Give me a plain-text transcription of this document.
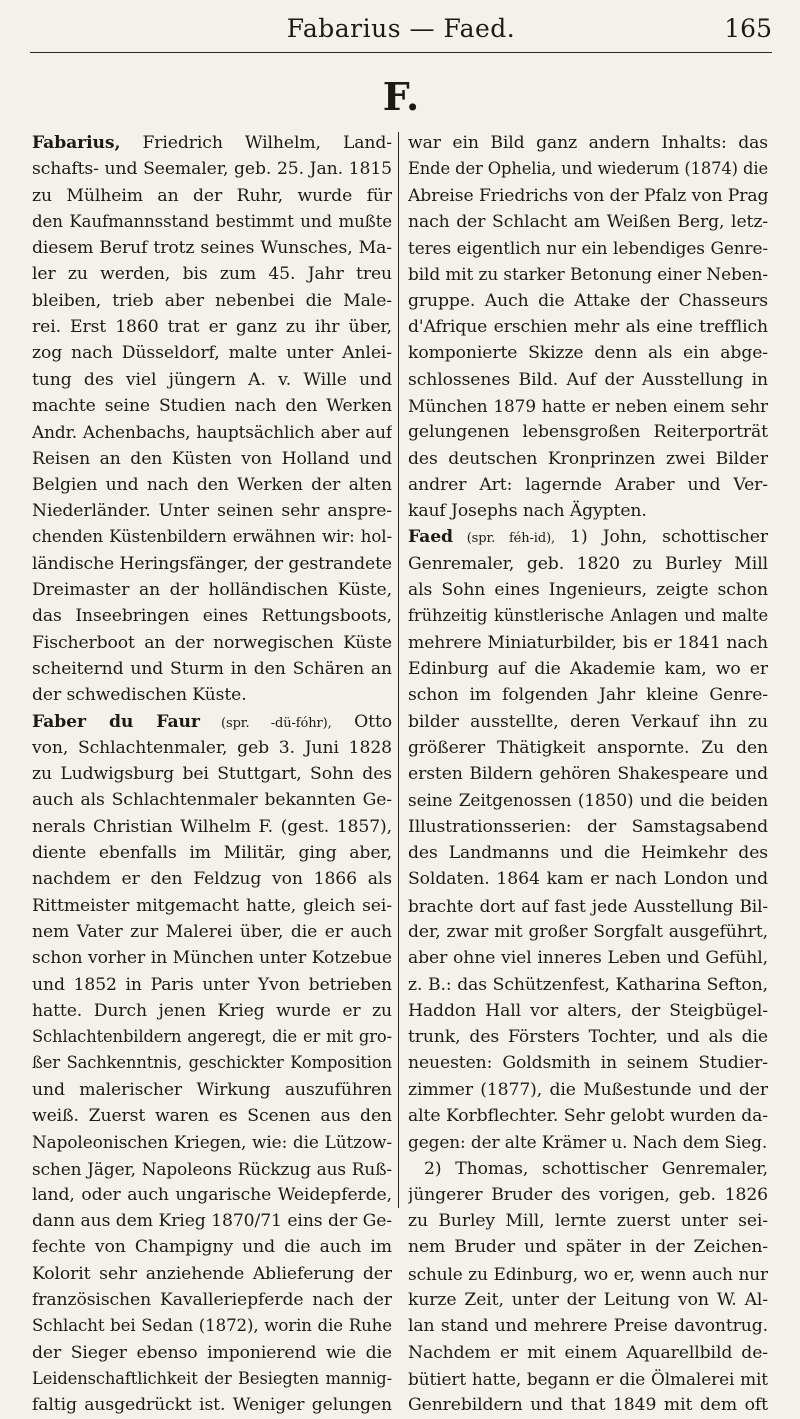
Fabarius — Faed.	165
F.
Fabarius, Friedrich Wilhelm, Land-
schafts- und Seemaler, geb. 25. Jan. 1815
zu Mülheim an der Ruhr, wurde für
den Kaufmannsstand bestimmt und mußte
diesem Beruf trotz seines Wunsches, Ma-
ler zu werden, bis zum 45. Jahr treu
bleiben, trieb aber nebenbei die Male-
rei. Erst 1860 trat er ganz zu ihr über,
zog nach Düsseldorf, malte unter Anlei-
tung des viel jüngern A. v. Wille und
machte seine Studien nach den Werken
Andr. Achenbachs, hauptsächlich aber auf
Reisen an den Küsten von Holland und
Belgien und nach den Werken der alten
Niederländer. Unter seinen sehr anspre-
chenden Küstenbildern erwähnen wir: hol-
ländische Heringsfänger, der gestrandete
Dreimaster an der holländischen Küste,
das Inseebringen eines Rettungsboots,
Fischerboot an der norwegischen Küste
scheiternd und Sturm in den Schären an
der schwedischen Küste.
Faber du Faur (spr. -dü-fóhr), Otto
von, Schlachtenmaler, geb 3. Juni 1828
zu Ludwigsburg bei Stuttgart, Sohn des
auch als Schlachtenmaler bekannten Ge-
nerals Christian Wilhelm F. (gest. 1857),
diente ebenfalls im Militär, ging aber,
nachdem er den Feldzug von 1866 als
Rittmeister mitgemacht hatte, gleich sei-
nem Vater zur Malerei über, die er auch
schon vorher in München unter Kotzebue
und 1852 in Paris unter Yvon betrieben
hatte. Durch jenen Krieg wurde er zu
Schlachtenbildern angeregt, die er mit gro-
ßer Sachkenntnis, geschickter Komposition
und malerischer Wirkung auszuführen
weiß. Zuerst waren es Scenen aus den
Napoleonischen Kriegen, wie: die Lützow-
schen Jäger, Napoleons Rückzug aus Ruß-
land, oder auch ungarische Weidepferde,
dann aus dem Krieg 1870/71 eins der Ge-
fechte von Champigny und die auch im
Kolorit sehr anziehende Ablieferung der
französischen Kavalleriepferde nach der
Schlacht bei Sedan (1872), worin die Ruhe
der Sieger ebenso imponierend wie die
Leidenschaftlichkeit der Besiegten mannig-
faltig ausgedrückt ist. Weniger gelungen
war ein Bild ganz andern Inhalts: das
Ende der Ophelia, und wiederum (1874) die
Abreise Friedrichs von der Pfalz von Prag
nach der Schlacht am Weißen Berg, letz-
teres eigentlich nur ein lebendiges Genre-
bild mit zu starker Betonung einer Neben-
gruppe. Auch die Attake der Chasseurs
d'Afrique erschien mehr als eine trefflich
komponierte Skizze denn als ein abge-
schlossenes Bild. Auf der Ausstellung in
München 1879 hatte er neben einem sehr
gelungenen lebensgroßen Reiterporträt
des deutschen Kronprinzen zwei Bilder
andrer Art: lagernde Araber und Ver-
kauf Josephs nach Ägypten.
Faed (spr. féh-id), 1) John, schottischer
Genremaler, geb. 1820 zu Burley Mill
als Sohn eines Ingenieurs, zeigte schon
frühzeitig künstlerische Anlagen und malte
mehrere Miniaturbilder, bis er 1841 nach
Edinburg auf die Akademie kam, wo er
schon im folgenden Jahr kleine Genre-
bilder ausstellte, deren Verkauf ihn zu
größerer Thätigkeit anspornte. Zu den
ersten Bildern gehören Shakespeare und
seine Zeitgenossen (1850) und die beiden
Illustrationsserien: der Samstagsabend
des Landmanns und die Heimkehr des
Soldaten. 1864 kam er nach London und
brachte dort auf fast jede Ausstellung Bil-
der, zwar mit großer Sorgfalt ausgeführt,
aber ohne viel inneres Leben und Gefühl,
z. B.: das Schützenfest, Katharina Sefton,
Haddon Hall vor alters, der Steigbügel-
trunk, des Försters Tochter, und als die
neuesten: Goldsmith in seinem Studier-
zimmer (1877), die Mußestunde und der
alte Korbflechter. Sehr gelobt wurden da-
gegen: der alte Krämer u. Nach dem Sieg.
2) Thomas, schottischer Genremaler,
jüngerer Bruder des vorigen, geb. 1826
zu Burley Mill, lernte zuerst unter sei-
nem Bruder und später in der Zeichen-
schule zu Edinburg, wo er, wenn auch nur
kurze Zeit, unter der Leitung von W. Al-
lan stand und mehrere Preise davontrug.
Nachdem er mit einem Aquarellbild de-
bütiert hatte, begann er die Ölmalerei mit
Genrebildern und that 1849 mit dem oft
